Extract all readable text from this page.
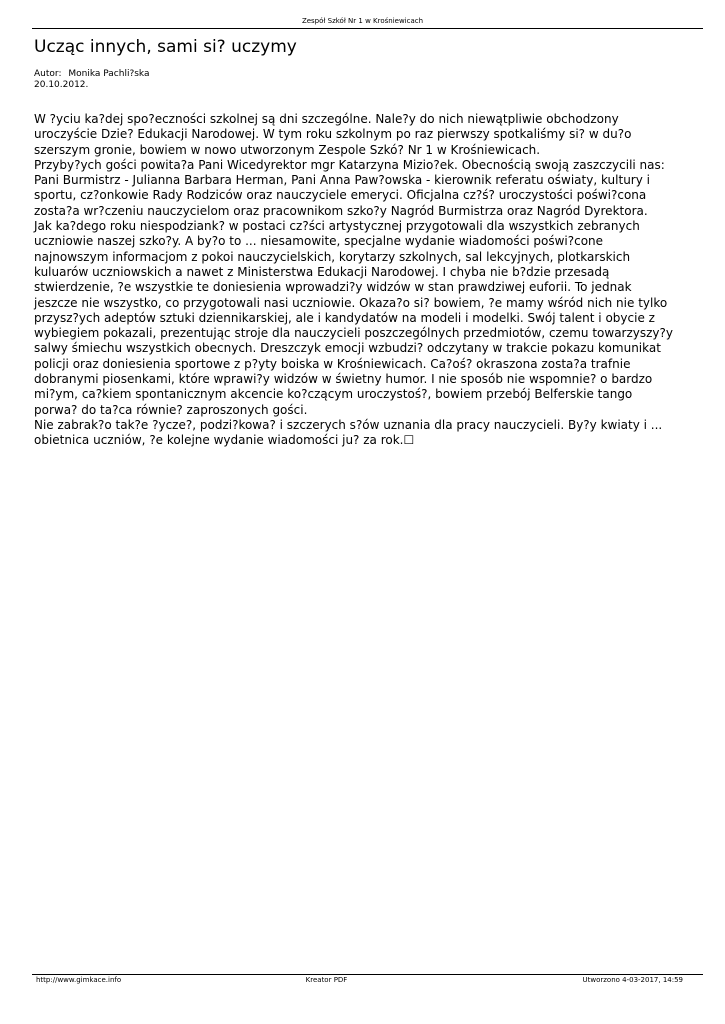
Zespół Szkół Nr 1 w Krośniewicach
Ucząc innych, sami si? uczymy
Autor: Monika Pachli?ska
20.10.2012.
W ?yciu ka?dej spo?eczności szkolnej są dni szczególne. Nale?y do nich niewątpliwie obchodzony
uroczyście Dzie? Edukacji Narodowej. W tym roku szkolnym po raz pierwszy spotkaliśmy si? w du?o
szerszym gronie, bowiem w nowo utworzonym Zespole Szkó? Nr 1 w Krośniewicach.
Przyby?ych gości powita?a Pani Wicedyrektor mgr Katarzyna Mizio?ek. Obecnością swoją zaszczycili nas:
Pani Burmistrz - Julianna Barbara Herman, Pani Anna Paw?owska - kierownik referatu oświaty, kultury i
sportu, cz?onkowie Rady Rodziców oraz nauczyciele emeryci. Oficjalna cz?ś? uroczystości poświ?cona
zosta?a wr?czeniu nauczycielom oraz pracownikom szko?y Nagród Burmistrza oraz Nagród Dyrektora.
Jak ka?dego roku niespodziank? w postaci cz?ści artystycznej przygotowali dla wszystkich zebranych
uczniowie naszej szko?y. A by?o to ... niesamowite, specjalne wydanie wiadomości poświ?cone
najnowszym informacjom z pokoi nauczycielskich, korytarzy szkolnych, sal lekcyjnych, plotkarskich
kuluarów uczniowskich a nawet z Ministerstwa Edukacji Narodowej. I chyba nie b?dzie przesadą
stwierdzenie, ?e wszystkie te doniesienia wprowadzi?y widzów w stan prawdziwej euforii. To jednak
jeszcze nie wszystko, co przygotowali nasi uczniowie. Okaza?o si? bowiem, ?e mamy wśród nich nie tylko
przysz?ych adeptów sztuki dziennikarskiej, ale i kandydatów na modeli i modelki. Swój talent i obycie z
wybiegiem pokazali, prezentując stroje dla nauczycieli poszczególnych przedmiotów, czemu towarzyszy?y
salwy śmiechu wszystkich obecnych. Dreszczyk emocji wzbudzi? odczytany w trakcie pokazu komunikat
policji oraz doniesienia sportowe z p?yty boiska w Krośniewicach. Ca?oś? okraszona zosta?a trafnie
dobranymi piosenkami, które wprawi?y widzów w świetny humor. I nie sposób nie wspomnie? o bardzo
mi?ym, ca?kiem spontanicznym akcencie ko?czącym uroczystoś?, bowiem przebój Belferskie tango
porwa? do ta?ca równie? zaproszonych gości.
Nie zabrak?o tak?e ?ycze?, podzi?kowa? i szczerych s?ów uznania dla pracy nauczycieli. By?y kwiaty i ...
obietnica uczniów, ?e kolejne wydanie wiadomości ju? za rok.☐
http://www.gimkace.info	Kreator PDF	Utworzono 4-03-2017, 14:59
